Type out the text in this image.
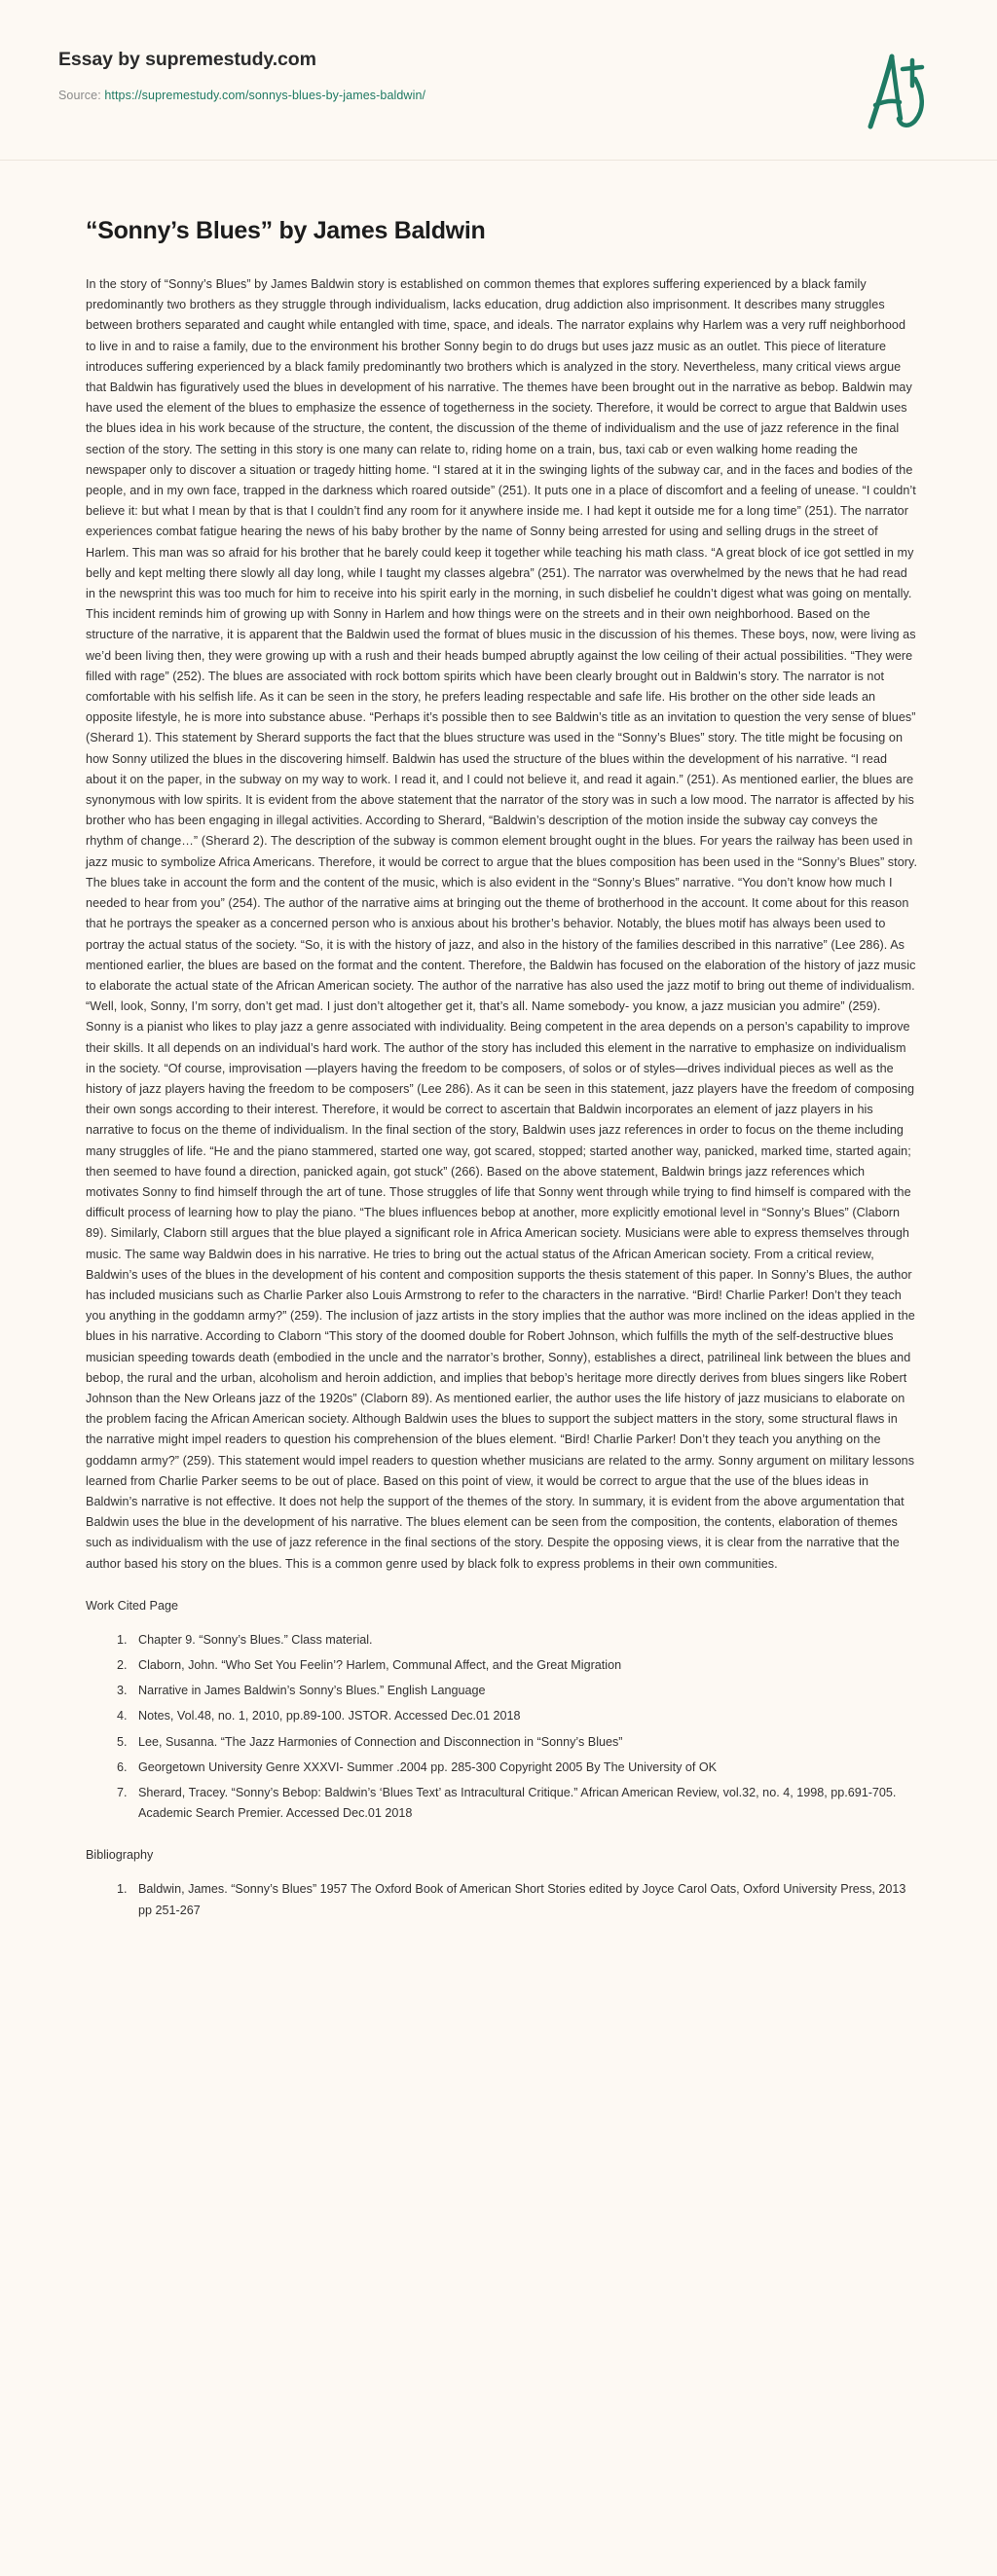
Essay by supremestudy.com
Source: https://supremestudy.com/sonnys-blues-by-james-baldwin/
“Sonny’s Blues” by James Baldwin

In the story of “Sonny’s Blues” by James Baldwin story is established on common themes that explores suffering experienced by a black family predominantly two brothers as they struggle through individualism, lacks education, drug addiction also imprisonment. It describes many struggles between brothers separated and caught while entangled with time, space, and ideals. The narrator explains why Harlem was a very ruff neighborhood to live in and to raise a family, due to the environment his brother Sonny begin to do drugs but uses jazz music as an outlet. This piece of literature introduces suffering experienced by a black family predominantly two brothers which is analyzed in the story. Nevertheless, many critical views argue that Baldwin has figuratively used the blues in development of his narrative. The themes have been brought out in the narrative as bebop. Baldwin may have used the element of the blues to emphasize the essence of togetherness in the society. Therefore, it would be correct to argue that Baldwin uses the blues idea in his work because of the structure, the content, the discussion of the theme of individualism and the use of jazz reference in the final section of the story. The setting in this story is one many can relate to, riding home on a train, bus, taxi cab or even walking home reading the newspaper only to discover a situation or tragedy hitting home. “I stared at it in the swinging lights of the subway car, and in the faces and bodies of the people, and in my own face, trapped in the darkness which roared outside” (251). It puts one in a place of discomfort and a feeling of unease. “I couldn’t believe it: but what I mean by that is that I couldn’t find any room for it anywhere inside me. I had kept it outside me for a long time” (251). The narrator experiences combat fatigue hearing the news of his baby brother by the name of Sonny being arrested for using and selling drugs in the street of Harlem. This man was so afraid for his brother that he barely could keep it together while teaching his math class. “A great block of ice got settled in my belly and kept melting there slowly all day long, while I taught my classes algebra” (251). The narrator was overwhelmed by the news that he had read in the newsprint this was too much for him to receive into his spirit early in the morning, in such disbelief he couldn’t digest what was going on mentally. This incident reminds him of growing up with Sonny in Harlem and how things were on the streets and in their own neighborhood. Based on the structure of the narrative, it is apparent that the Baldwin used the format of blues music in the discussion of his themes. These boys, now, were living as we’d been living then, they were growing up with a rush and their heads bumped abruptly against the low ceiling of their actual possibilities. “They were filled with rage” (252). The blues are associated with rock bottom spirits which have been clearly brought out in Baldwin’s story. The narrator is not comfortable with his selfish life. As it can be seen in the story, he prefers leading respectable and safe life. His brother on the other side leads an opposite lifestyle, he is more into substance abuse. “Perhaps it’s possible then to see Baldwin’s title as an invitation to question the very sense of blues” (Sherard 1). This statement by Sherard supports the fact that the blues structure was used in the “Sonny’s Blues” story. The title might be focusing on how Sonny utilized the blues in the discovering himself. Baldwin has used the structure of the blues within the development of his narrative. “I read about it on the paper, in the subway on my way to work. I read it, and I could not believe it, and read it again.” (251). As mentioned earlier, the blues are synonymous with low spirits. It is evident from the above statement that the narrator of the story was in such a low mood. The narrator is affected by his brother who has been engaging in illegal activities. According to Sherard, “Baldwin’s description of the motion inside the subway cay conveys the rhythm of change…” (Sherard 2). The description of the subway is common element brought ought in the blues. For years the railway has been used in jazz music to symbolize Africa Americans. Therefore, it would be correct to argue that the blues composition has been used in the “Sonny’s Blues” story. The blues take in account the form and the content of the music, which is also evident in the “Sonny’s Blues” narrative. “You don’t know how much I needed to hear from you” (254). The author of the narrative aims at bringing out the theme of brotherhood in the account. It come about for this reason that he portrays the speaker as a concerned person who is anxious about his brother’s behavior. Notably, the blues motif has always been used to portray the actual status of the society. “So, it is with the history of jazz, and also in the history of the families described in this narrative” (Lee 286). As mentioned earlier, the blues are based on the format and the content. Therefore, the Baldwin has focused on the elaboration of the history of jazz music to elaborate the actual state of the African American society. The author of the narrative has also used the jazz motif to bring out theme of individualism. “Well, look, Sonny, I’m sorry, don’t get mad. I just don’t altogether get it, that’s all. Name somebody- you know, a jazz musician you admire” (259). Sonny is a pianist who likes to play jazz a genre associated with individuality. Being competent in the area depends on a person’s capability to improve their skills. It all depends on an individual’s hard work. The author of the story has included this element in the narrative to emphasize on individualism in the society. “Of course, improvisation —players having the freedom to be composers, of solos or of styles—drives individual pieces as well as the history of jazz players having the freedom to be composers” (Lee 286). As it can be seen in this statement, jazz players have the freedom of composing their own songs according to their interest. Therefore, it would be correct to ascertain that Baldwin incorporates an element of jazz players in his narrative to focus on the theme of individualism. In the final section of the story, Baldwin uses jazz references in order to focus on the theme including many struggles of life. “He and the piano stammered, started one way, got scared, stopped; started another way, panicked, marked time, started again; then seemed to have found a direction, panicked again, got stuck” (266). Based on the above statement, Baldwin brings jazz references which motivates Sonny to find himself through the art of tune. Those struggles of life that Sonny went through while trying to find himself is compared with the difficult process of learning how to play the piano. “The blues influences bebop at another, more explicitly emotional level in “Sonny’s Blues” (Claborn 89). Similarly, Claborn still argues that the blue played a significant role in Africa American society. Musicians were able to express themselves through music. The same way Baldwin does in his narrative. He tries to bring out the actual status of the African American society. From a critical review, Baldwin’s uses of the blues in the development of his content and composition supports the thesis statement of this paper. In Sonny’s Blues, the author has included musicians such as Charlie Parker also Louis Armstrong to refer to the characters in the narrative. “Bird! Charlie Parker! Don’t they teach you anything in the goddamn army?” (259). The inclusion of jazz artists in the story implies that the author was more inclined on the ideas applied in the blues in his narrative. According to Claborn “This story of the doomed double for Robert Johnson, which fulfills the myth of the self-destructive blues musician speeding towards death (embodied in the uncle and the narrator’s brother, Sonny), establishes a direct, patrilineal link between the blues and bebop, the rural and the urban, alcoholism and heroin addiction, and implies that bebop’s heritage more directly derives from blues singers like Robert Johnson than the New Orleans jazz of the 1920s” (Claborn 89). As mentioned earlier, the author uses the life history of jazz musicians to elaborate on the problem facing the African American society. Although Baldwin uses the blues to support the subject matters in the story, some structural flaws in the narrative might impel readers to question his comprehension of the blues element. “Bird! Charlie Parker! Don’t they teach you anything on the goddamn army?” (259). This statement would impel readers to question whether musicians are related to the army. Sonny argument on military lessons learned from Charlie Parker seems to be out of place. Based on this point of view, it would be correct to argue that the use of the blues ideas in Baldwin’s narrative is not effective. It does not help the support of the themes of the story. In summary, it is evident from the above argumentation that Baldwin uses the blue in the development of his narrative. The blues element can be seen from the composition, the contents, elaboration of themes such as individualism with the use of jazz reference in the final sections of the story. Despite the opposing views, it is clear from the narrative that the author based his story on the blues. This is a common genre used by black folk to express problems in their own communities.

Work Cited Page
1. Chapter 9. “Sonny’s Blues.” Class material.
2. Claborn, John. “Who Set You Feelin’? Harlem, Communal Affect, and the Great Migration
3. Narrative in James Baldwin’s Sonny’s Blues.” English Language
4. Notes, Vol.48, no. 1, 2010, pp.89-100. JSTOR. Accessed Dec.01 2018
5. Lee, Susanna. “The Jazz Harmonies of Connection and Disconnection in “Sonny’s Blues”
6. Georgetown University Genre XXXVI- Summer .2004 pp. 285-300 Copyright 2005 By The University of OK
7. Sherard, Tracey. “Sonny’s Bebop: Baldwin’s ‘Blues Text’ as Intracultural Critique.” African American Review, vol.32, no. 4, 1998, pp.691-705. Academic Search Premier. Accessed Dec.01 2018
Bibliography
1. Baldwin, James. “Sonny’s Blues” 1957 The Oxford Book of American Short Stories edited by Joyce Carol Oats, Oxford University Press, 2013 pp 251-267
